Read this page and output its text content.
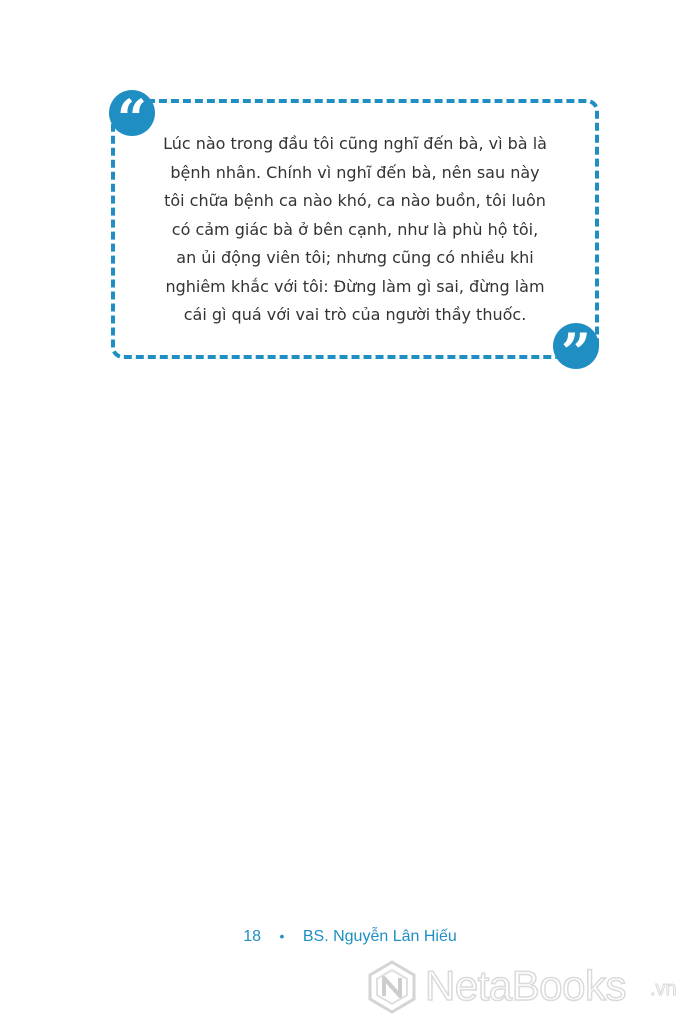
“	Lúc nào trong đầu tôi cũng nghĩ đến bà, vì bà là
bệnh nhân. Chính vì nghĩ đến bà, nên sau này
tôi chữa bệnh ca nào khó, ca nào buồn, tôi luôn
có cảm giác bà ở bên cạnh, như là phù hộ tôi,
an ủi động viên tôi; nhưng cũng có nhiều khi
nghiêm khắc với tôi: Đừng làm gì sai, đừng làm
cái gì quá với vai trò của người thầy thuốc.

”
18 • BS. Nguyễn Lân Hiếu
NetaBooks .vn
